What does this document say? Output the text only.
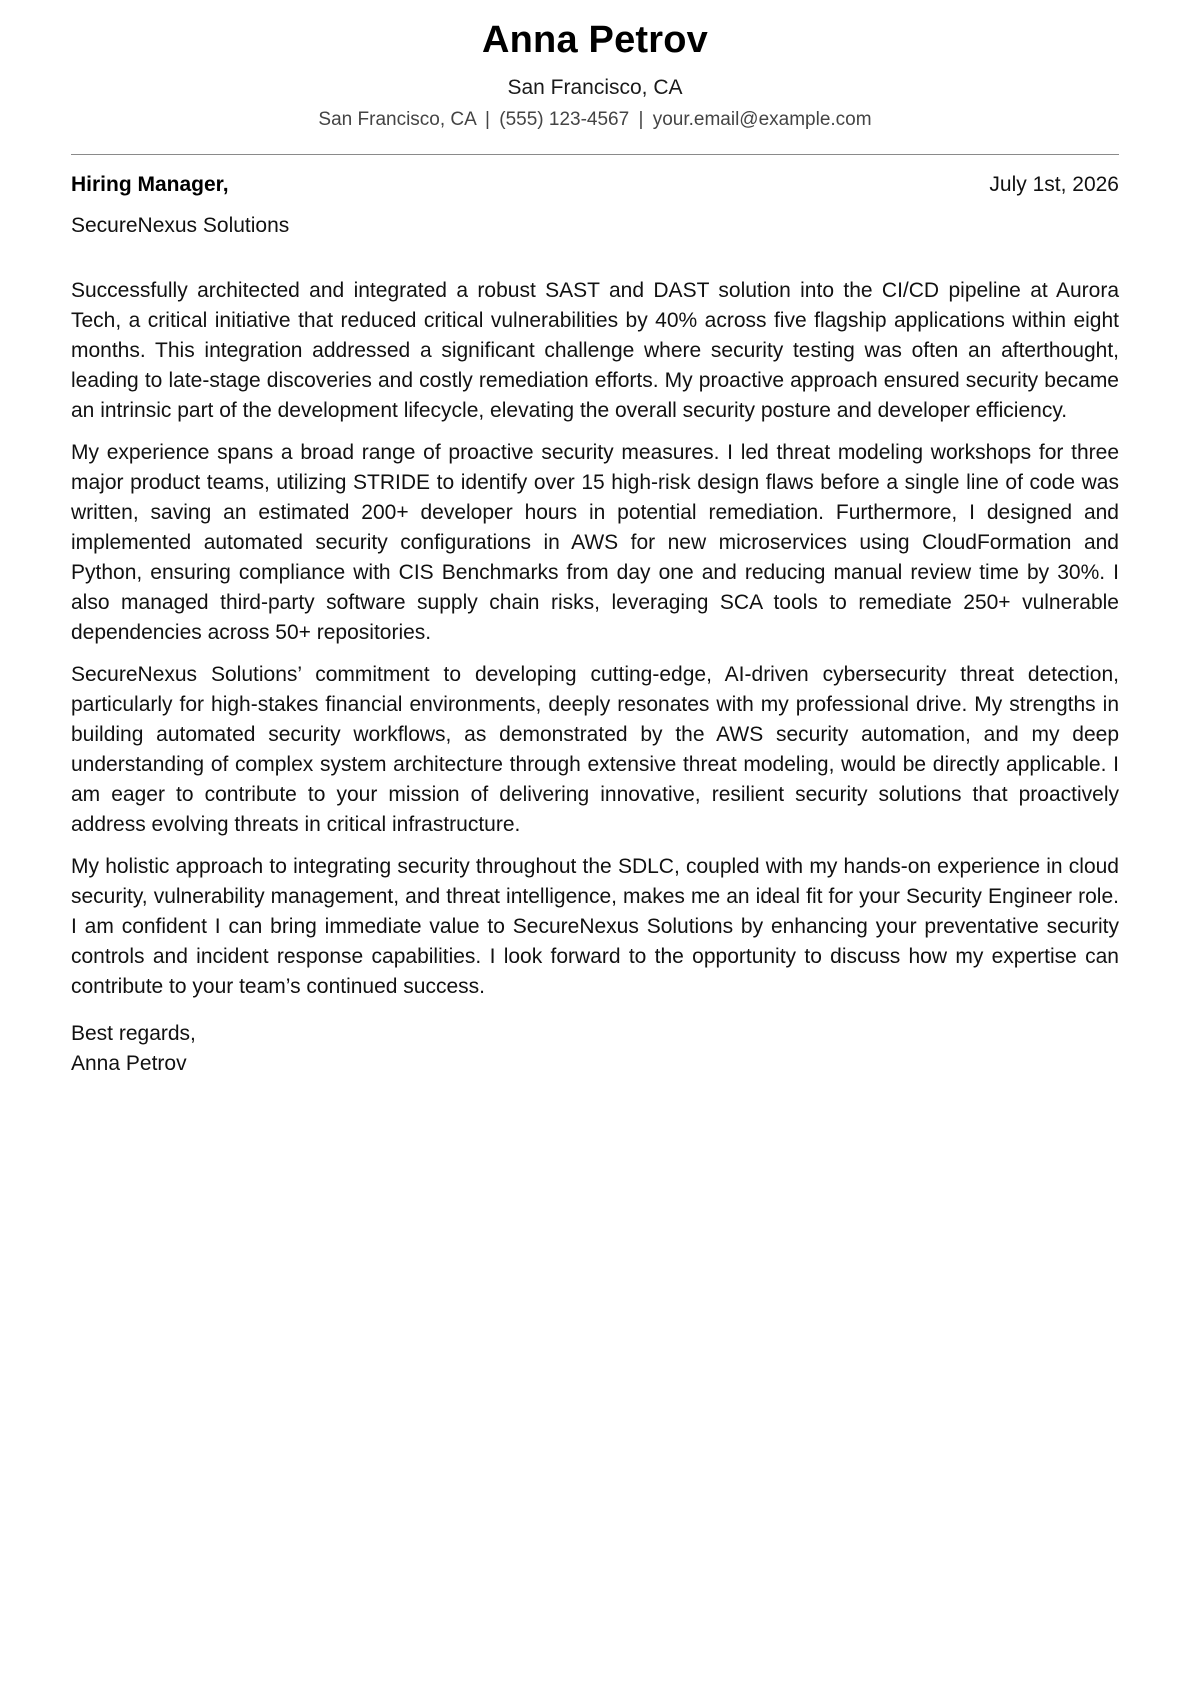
Anna Petrov
San Francisco, CA
San Francisco, CA | (555) 123-4567 | your.email@example.com
Hiring Manager,	July 1st, 2026
SecureNexus Solutions

Successfully architected and integrated a robust SAST and DAST solution into the CI/CD pipeline at Aurora Tech, a critical initiative that reduced critical vulnerabilities by 40% across five flagship applications within eight months. This integration addressed a significant challenge where security testing was often an afterthought, leading to late-stage discoveries and costly remediation efforts. My proactive approach ensured security became an intrinsic part of the development lifecycle, elevating the overall security posture and developer efficiency.

My experience spans a broad range of proactive security measures. I led threat modeling workshops for three major product teams, utilizing STRIDE to identify over 15 high-risk design flaws before a single line of code was written, saving an estimated 200+ developer hours in potential remediation. Furthermore, I designed and implemented automated security configurations in AWS for new microservices using CloudFormation and Python, ensuring compliance with CIS Benchmarks from day one and reducing manual review time by 30%. I also managed third-party software supply chain risks, leveraging SCA tools to remediate 250+ vulnerable dependencies across 50+ repositories.

SecureNexus Solutions’ commitment to developing cutting-edge, AI-driven cybersecurity threat detection, particularly for high-stakes financial environments, deeply resonates with my professional drive. My strengths in building automated security workflows, as demonstrated by the AWS security automation, and my deep understanding of complex system architecture through extensive threat modeling, would be directly applicable. I am eager to contribute to your mission of delivering innovative, resilient security solutions that proactively address evolving threats in critical infrastructure.

My holistic approach to integrating security throughout the SDLC, coupled with my hands-on experience in cloud security, vulnerability management, and threat intelligence, makes me an ideal fit for your Security Engineer role. I am confident I can bring immediate value to SecureNexus Solutions by enhancing your preventative security controls and incident response capabilities. I look forward to the opportunity to discuss how my expertise can contribute to your team’s continued success.

Best regards,
Anna Petrov
